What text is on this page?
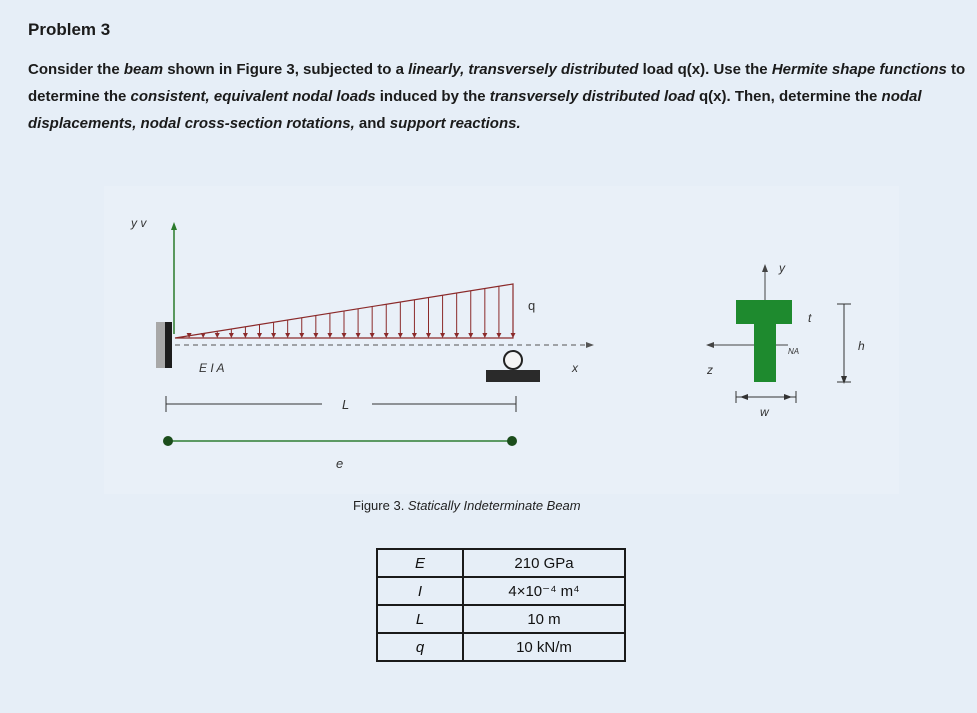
Problem 3
Consider the beam shown in Figure 3, subjected to a linearly, transversely distributed load q(x). Use the Hermite shape functions to determine the consistent, equivalent nodal loads induced by the transversely distributed load q(x). Then, determine the nodal displacements, nodal cross-section rotations, and support reactions.
y v
q
E I A	x
L
e
y
NA
z
t
h
w
Figure 3. Statically Indeterminate Beam
E	210 GPa
I	4×10⁻⁴ m⁴
L	10 m
q	10 kN/m
